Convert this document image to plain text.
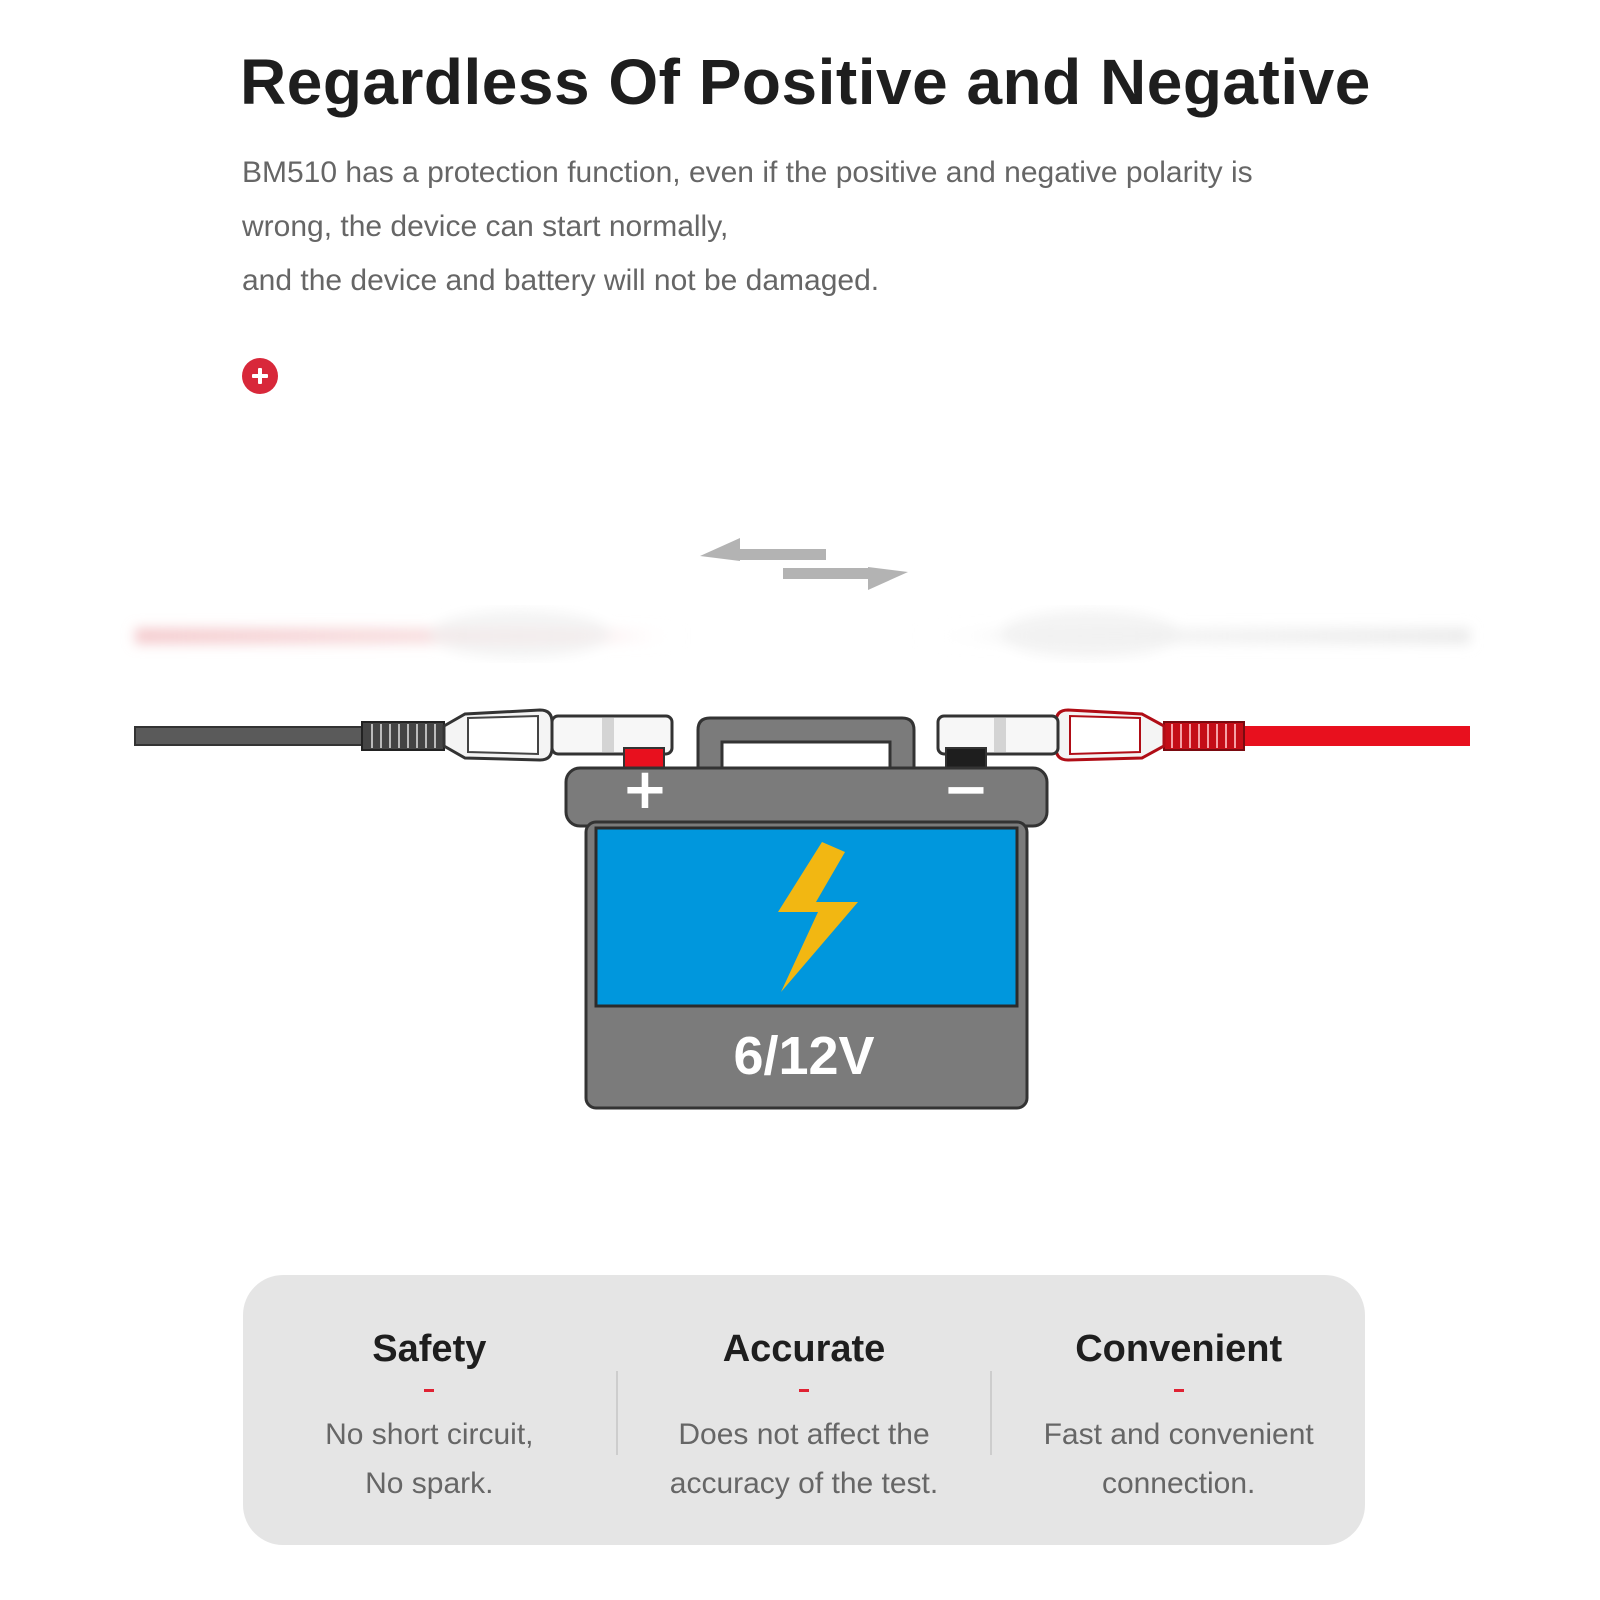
Regardless Of Positive and Negative
BM510 has a protection function, even if the positive and negative polarity is
wrong, the device can start normally,
and the device and battery will not be damaged.
+	−
6/12V
Safety
No short circuit,
No spark.
Accurate
Does not affect the
accuracy of the test.
Convenient
Fast and convenient
connection.
